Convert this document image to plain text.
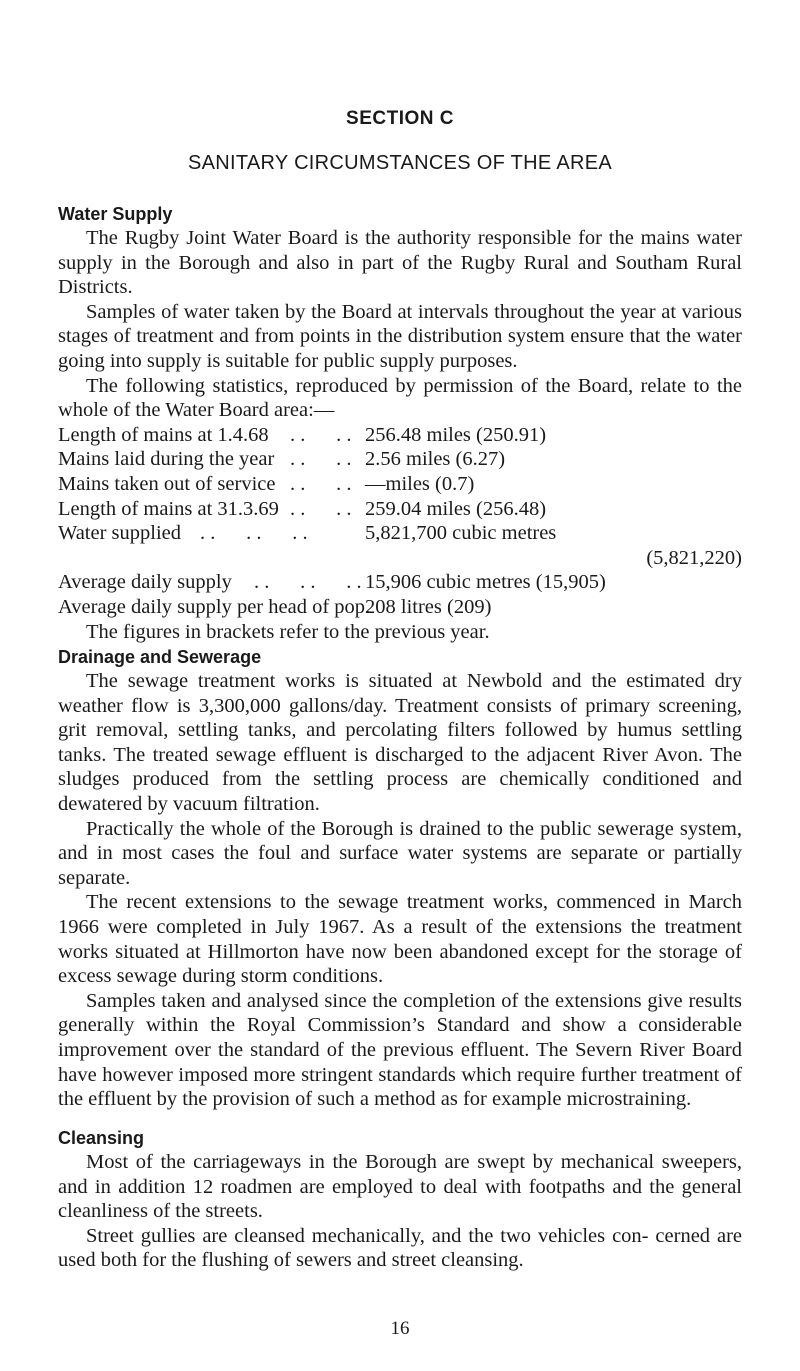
SECTION C
SANITARY CIRCUMSTANCES OF THE AREA

Water Supply

The Rugby Joint Water Board is the authority responsible for the mains water supply in the Borough and also in part of the Rugby Rural and Southam Rural Districts.

Samples of water taken by the Board at intervals throughout the year at various stages of treatment and from points in the distribution system ensure that the water going into supply is suitable for public supply purposes.

The following statistics, reproduced by permission of the Board, relate to the whole of the Water Board area:—

Length of mains at 1.4.68 . .      . . 256.48 miles (250.91)
Mains laid during the year . .      . . 2.56 miles (6.27)
Mains taken out of service . .      . . —miles (0.7)
Length of mains at 31.3.69 . .      . . 259.04 miles (256.48)
Water supplied . .      . .      . .	5,821,700 cubic metres
(5,821,220)
Average daily supply . .      . .      . . 15,906 cubic metres (15,905)
Average daily supply per head of pop.
208 litres (209)

The figures in brackets refer to the previous year.

Drainage and Sewerage

The sewage treatment works is situated at Newbold and the estimated dry weather flow is 3,300,000 gallons/day. Treatment consists of primary screening, grit removal, settling tanks, and percolating filters followed by humus settling tanks. The treated sewage effluent is discharged to the adjacent River Avon. The sludges produced from the settling process are chemically conditioned and dewatered by vacuum filtration.

Practically the whole of the Borough is drained to the public sewerage system, and in most cases the foul and surface water systems are separate or partially separate.

The recent extensions to the sewage treatment works, commenced in March 1966 were completed in July 1967. As a result of the extensions the treatment works situated at Hillmorton have now been abandoned except for the storage of excess sewage during storm conditions.

Samples taken and analysed since the completion of the extensions give results generally within the Royal Commission’s Standard and show a considerable improvement over the standard of the previous effluent. The Severn River Board have however imposed more stringent standards which require further treatment of the effluent by the provision of such a method as for example microstraining.

Cleansing

Most of the carriageways in the Borough are swept by mechanical sweepers, and in addition 12 roadmen are employed to deal with footpaths and the general cleanliness of the streets.

Street gullies are cleansed mechanically, and the two vehicles con- cerned are used both for the flushing of sewers and street cleansing.

16
